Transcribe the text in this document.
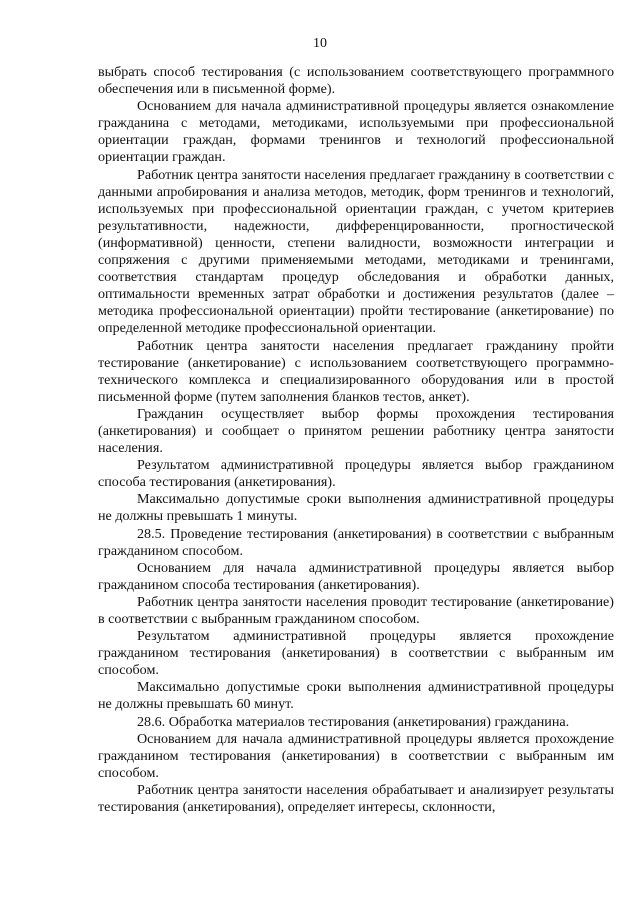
10

выбрать способ тестирования (с использованием соответствующего программного обеспечения или в письменной форме).

Основанием для начала административной процедуры является ознакомление гражданина с методами, методиками, используемыми при профессиональной ориентации граждан, формами тренингов и технологий профессиональной ориентации граждан.

Работник центра занятости населения предлагает гражданину в соответствии с данными апробирования и анализа методов, методик, форм тренингов и технологий, используемых при профессиональной ориентации граждан, с учетом критериев результативности, надежности, дифференцированности, прогностической (информативной) ценности, степени валидности, возможности интеграции и сопряжения с другими применяемыми методами, методиками и тренингами, соответствия стандартам процедур обследования и обработки данных, оптимальности временных затрат обработки и достижения результатов (далее – методика профессиональной ориентации) пройти тестирование (анкетирование) по определенной методике профессиональной ориентации.

Работник центра занятости населения предлагает гражданину пройти тестирование (анкетирование) с использованием соответствующего программно-технического комплекса и специализированного оборудования или в простой письменной форме (путем заполнения бланков тестов, анкет).

Гражданин осуществляет выбор формы прохождения тестирования (анкетирования) и сообщает о принятом решении работнику центра занятости населения.

Результатом административной процедуры является выбор гражданином способа тестирования (анкетирования).

Максимально допустимые сроки выполнения административной процедуры не должны превышать 1 минуты.

28.5. Проведение тестирования (анкетирования) в соответствии с выбранным гражданином способом.

Основанием для начала административной процедуры является выбор гражданином способа тестирования (анкетирования).

Работник центра занятости населения проводит тестирование (анкетирование) в соответствии с выбранным гражданином способом.

Результатом административной процедуры является прохождение гражданином тестирования (анкетирования) в соответствии с выбранным им способом.

Максимально допустимые сроки выполнения административной процедуры не должны превышать 60 минут.

28.6. Обработка материалов тестирования (анкетирования) гражданина.

Основанием для начала административной процедуры является прохождение гражданином тестирования (анкетирования) в соответствии с выбранным им способом.

Работник центра занятости населения обрабатывает и анализирует результаты тестирования (анкетирования), определяет интересы, склонности,
